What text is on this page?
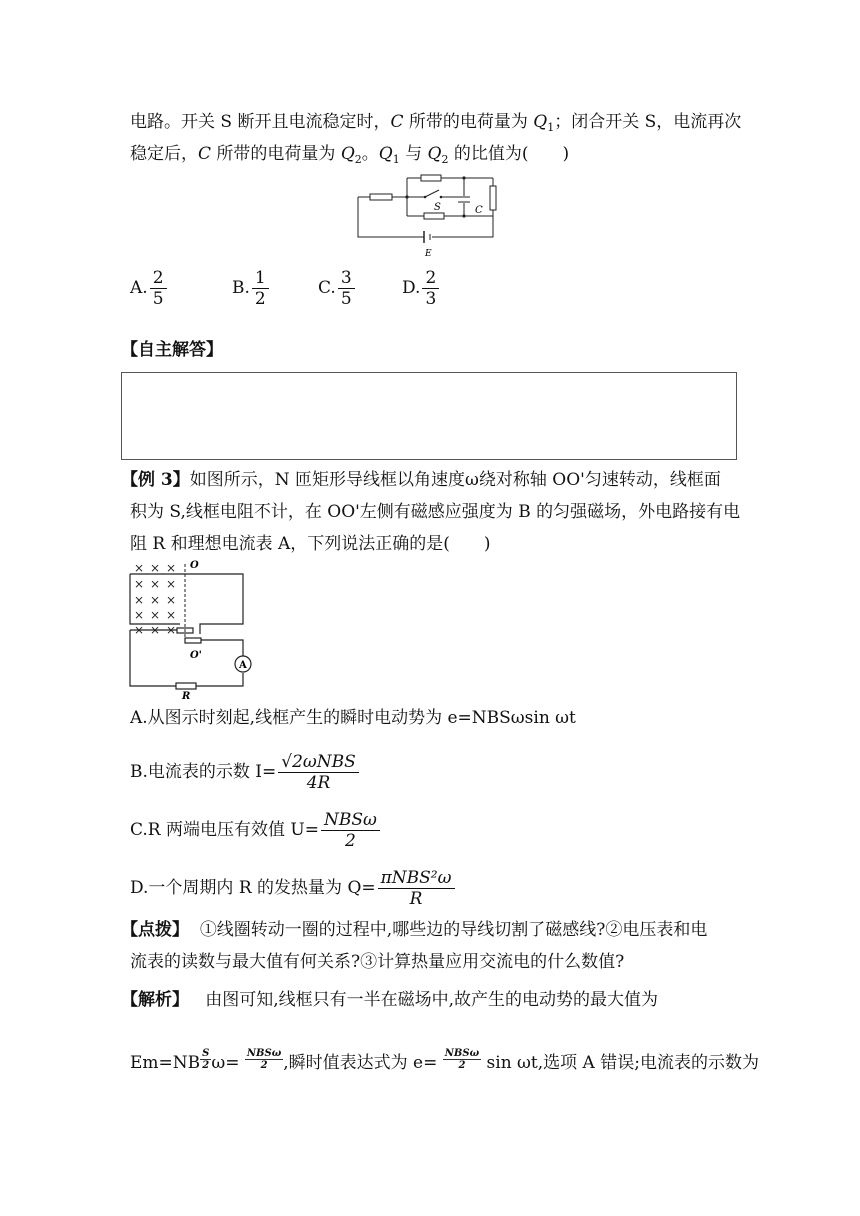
电路。开关 S 断开且电流稳定时，C 所带的电荷量为 $Q_1$；闭合开关 S，电流再次
稳定后，C 所带的电荷量为 $Q_2$。$Q_1$ 与 $Q_2$ 的比值为(　　)
S	C
E
A. $\frac{2}{5}$	B. $\frac{1}{2}$	C. $\frac{3}{5}$	D. $\frac{2}{3}$
【自主解答】
【例 3】如图所示，N 匝矩形导线框以角速度ω绕对称轴 OO'匀速转动，线框面
积为 S,线框电阻不计，在 OO'左侧有磁感应强度为 B 的匀强磁场，外电路接有电
阻 R 和理想电流表 A，下列说法正确的是(　　)
A
O
O'
R
× × ×
× × ×
× × ×
× × ×
× × ×
A.从图示时刻起,线框产生的瞬时电动势为 e=NBSωsin ωt
B.电流表的示数 $I= \frac{\text{√2ωNBS}}{4R}$
C.R 两端电压有效值 $U= \frac{\text{NBSω}}{2}$
D.一个周期内 R 的发热量为 $Q= \frac{\text{πNBS²ω}}{R}$
【点拨】 ①线圈转动一圈的过程中,哪些边的导线切割了磁感线?②电压表和电
流表的读数与最大值有何关系?③计算热量应用交流电的什么数值?
【解析】 由图可知,线框只有一半在磁场中,故产生的电动势的最大值为
$Em=NB \frac{S}{2} \omega= \frac{\text{NBSω}}{2}$ ,瞬时值表达式为 $e= \frac{\text{NBSω}}{2}$ sin ωt,选项 A 错误;电流表的示数为
